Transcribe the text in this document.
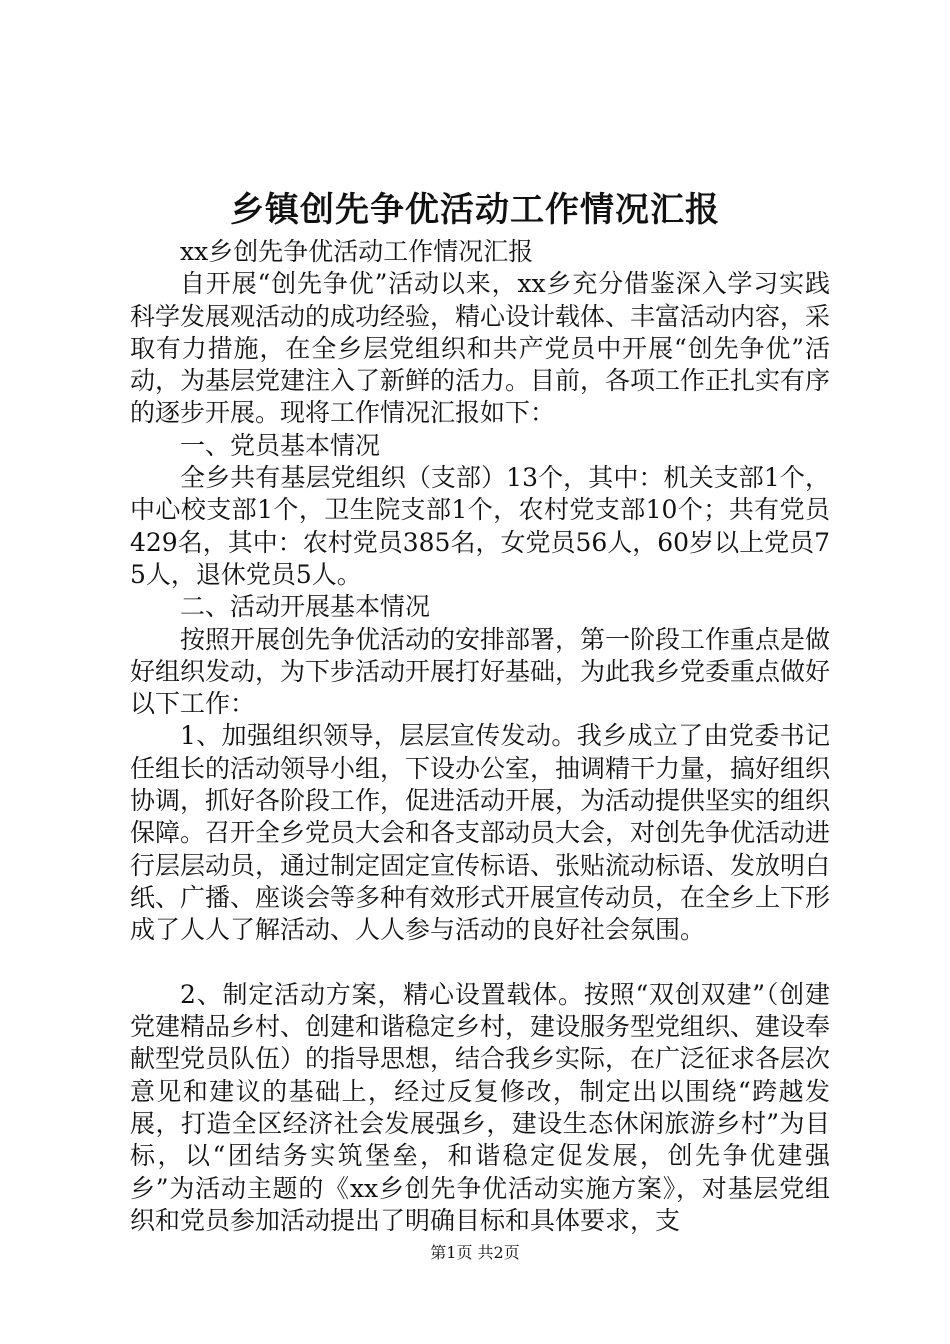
乡镇创先争优活动工作情况汇报

xx乡创先争优活动工作情况汇报

自开展“创先争优”活动以来，xx乡充分借鉴深入学习实践科学发展观活动的成功经验，精心设计载体、丰富活动内容，采取有力措施，在全乡层党组织和共产党员中开展“创先争优”活动，为基层党建注入了新鲜的活力。目前，各项工作正扎实有序的逐步开展。现将工作情况汇报如下：

一、党员基本情况

全乡共有基层党组织（支部）13个，其中：机关支部1个，中心校支部1个，卫生院支部1个，农村党支部10个；共有党员429名，其中：农村党员385名，女党员56人，60岁以上党员75人，退休党员5人。

二、活动开展基本情况

按照开展创先争优活动的安排部署，第一阶段工作重点是做好组织发动，为下步活动开展打好基础，为此我乡党委重点做好以下工作：

1、加强组织领导，层层宣传发动。我乡成立了由党委书记任组长的活动领导小组，下设办公室，抽调精干力量，搞好组织协调，抓好各阶段工作，促进活动开展，为活动提供坚实的组织保障。召开全乡党员大会和各支部动员大会，对创先争优活动进行层层动员，通过制定固定宣传标语、张贴流动标语、发放明白纸、广播、座谈会等多种有效形式开展宣传动员，在全乡上下形成了人人了解活动、人人参与活动的良好社会氛围。

2、制定活动方案，精心设置载体。按照“双创双建”（创建党建精品乡村、创建和谐稳定乡村，建设服务型党组织、建设奉献型党员队伍）的指导思想，结合我乡实际，在广泛征求各层次意见和建议的基础上，经过反复修改，制定出以围绕“跨越发展，打造全区经济社会发展强乡，建设生态休闲旅游乡村”为目标，以“团结务实筑堡垒，和谐稳定促发展，创先争优建强乡”为活动主题的《xx乡创先争优活动实施方案》，对基层党组织和党员参加活动提出了明确目标和具体要求，支

第1页 共2页
